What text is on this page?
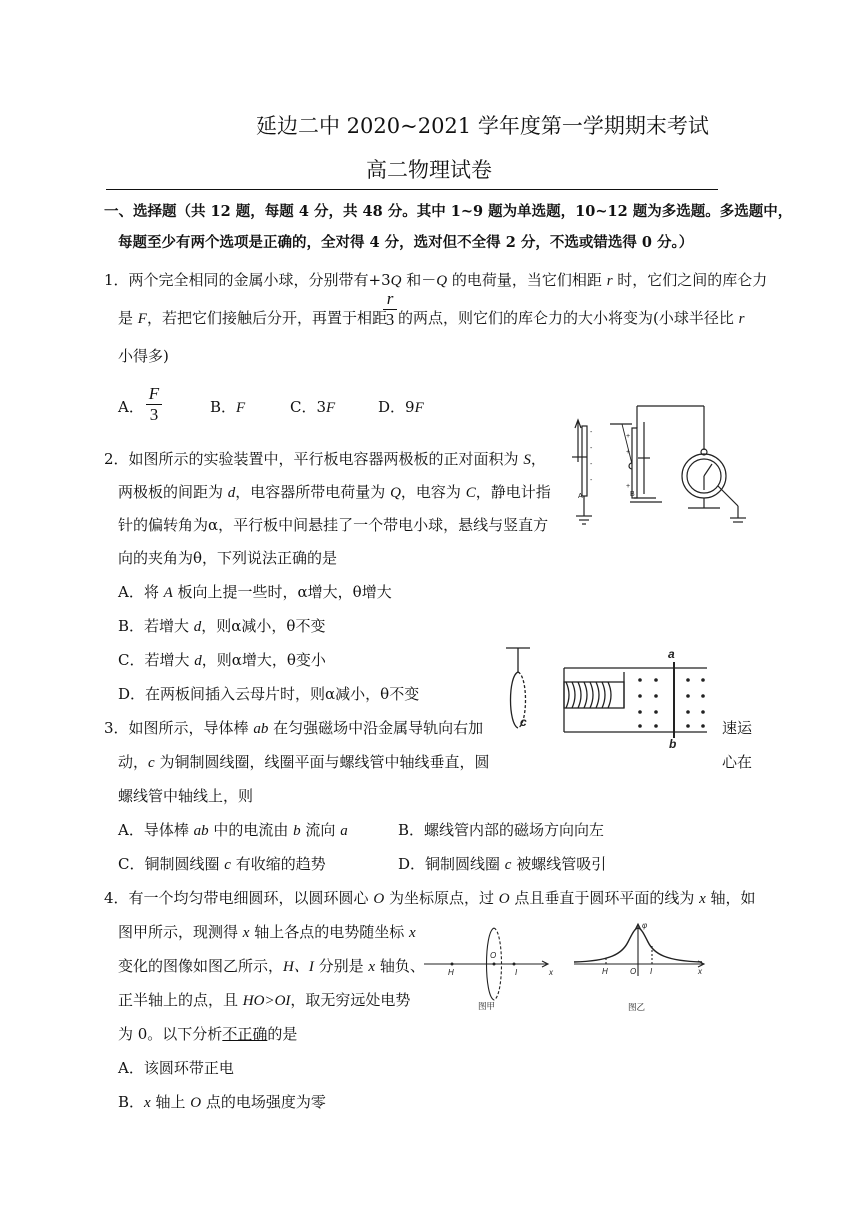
延边二中 2020~2021 学年度第一学期期末考试
高二物理试卷
一、选择题（共 12 题，每题 4 分，共 48 分。其中 1~9 题为单选题，10~12 题为多选题。多选题中，
每题至少有两个选项是正确的，全对得 4 分，选对但不全得 2 分，不选或错选得 0 分。）
1．两个完全相同的金属小球，分别带有+3Q 和－Q 的电荷量，当它们相距 r 时，它们之间的库仑力
是 F，若把它们接触后分开，再置于相距
r
3 的两点，则它们的库仑力的大小将变为(小球半径比 r
小得多)
A．
F
3	B．F	C．3F	D．9F
2．如图所示的实验装置中，平行板电容器两极板的正对面积为 S，
两极板的间距为 d，电容器所带电荷量为 Q，电容为 C，静电计指
针的偏转角为α，平行板中间悬挂了一个带电小球，悬线与竖直方
向的夹角为θ，下列说法正确的是
A．将 A 板向上提一些时，α增大，θ增大
B．若增大 d，则α减小，θ不变
C．若增大 d，则α增大，θ变小
D．在两板间插入云母片时，则α减小，θ不变
-
-
-
-
+
+
+
A	B
3．如图所示，导体棒 ab 在匀强磁场中沿金属导轨向右加	速运
动，c 为铜制圆线圈，线圈平面与螺线管中轴线垂直，圆	心在
螺线管中轴线上，则
A．导体棒 ab 中的电流由 b 流向 a	B．螺线管内部的磁场方向向左
C．铜制圆线圈 c 有收缩的趋势	D．铜制圆线圈 c 被螺线管吸引
a
b
c
4．有一个均匀带电细圆环，以圆环圆心 O 为坐标原点，过 O 点且垂直于圆环平面的线为 x 轴，如
图甲所示，现测得 x 轴上各点的电势随坐标 x
变化的图像如图乙所示，H、I 分别是 x 轴负、
正半轴上的点，且 HO>OI，取无穷远处电势
为 0。以下分析不正确的是
A．该圆环带正电
B．x 轴上 O 点的电场强度为零
H
O
I	x
图甲
H	O I	x
φ
图乙
